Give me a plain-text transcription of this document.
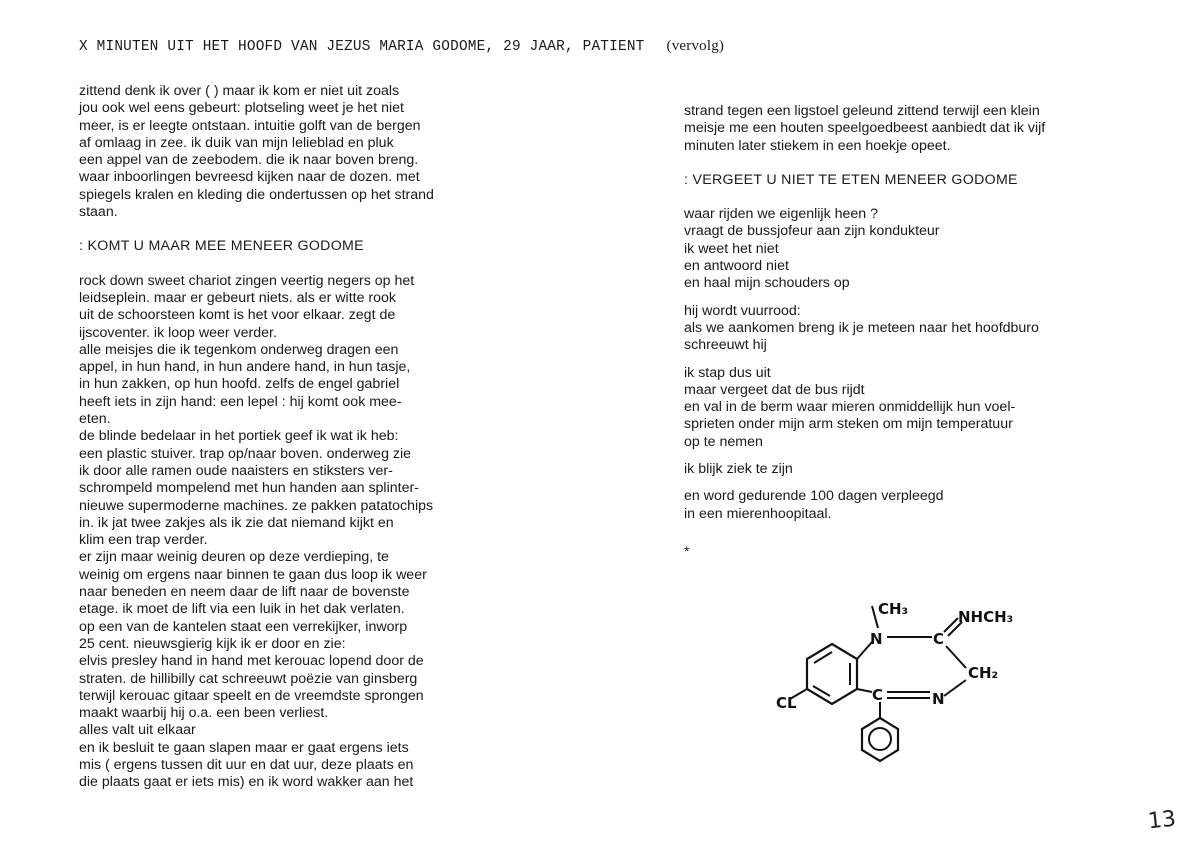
X MINUTEN UIT HET HOOFD VAN JEZUS MARIA GODOME, 29 JAAR, PATIENT (vervolg)
zittend denk ik over ( ) maar ik kom er niet uit zoals
jou ook wel eens gebeurt: plotseling weet je het niet
meer, is er leegte ontstaan. intuitie golft van de bergen
af omlaag in zee. ik duik van mijn lelieblad en pluk
een appel van de zeebodem. die ik naar boven breng.
waar inboorlingen bevreesd kijken naar de dozen. met
spiegels kralen en kleding die ondertussen op het strand
staan.
: KOMT U MAAR MEE MENEER GODOME
rock down sweet chariot zingen veertig negers op het
leidseplein. maar er gebeurt niets. als er witte rook
uit de schoorsteen komt is het voor elkaar. zegt de
ijscoventer. ik loop weer verder.
alle meisjes die ik tegenkom onderweg dragen een
appel, in hun hand, in hun andere hand, in hun tasje,
in hun zakken, op hun hoofd. zelfs de engel gabriel
heeft iets in zijn hand: een lepel : hij komt ook mee-
eten.
de blinde bedelaar in het portiek geef ik wat ik heb:
een plastic stuiver. trap op/naar boven. onderweg zie
ik door alle ramen oude naaisters en stiksters ver-
schrompeld mompelend met hun handen aan splinter-
nieuwe supermoderne machines. ze pakken patatochips
in. ik jat twee zakjes als ik zie dat niemand kijkt en
klim een trap verder.
er zijn maar weinig deuren op deze verdieping, te
weinig om ergens naar binnen te gaan dus loop ik weer
naar beneden en neem daar de lift naar de bovenste
etage. ik moet de lift via een luik in het dak verlaten.
op een van de kantelen staat een verrekijker, inworp
25 cent. nieuwsgierig kijk ik er door en zie:
elvis presley hand in hand met kerouac lopend door de
straten. de hillibilly cat schreeuwt poëzie van ginsberg
terwijl kerouac gitaar speelt en de vreemdste sprongen
maakt waarbij hij o.a. een been verliest.
alles valt uit elkaar
en ik besluit te gaan slapen maar er gaat ergens iets
mis ( ergens tussen dit uur en dat uur, deze plaats en
die plaats gaat er iets mis) en ik word wakker aan het
strand tegen een ligstoel geleund zittend terwijl een klein
meisje me een houten speelgoedbeest aanbiedt dat ik vijf
minuten later stiekem in een hoekje opeet.
: VERGEET U NIET TE ETEN MENEER GODOME
waar rijden we eigenlijk heen ?
vraagt de bussjofeur aan zijn kondukteur
ik weet het niet
en antwoord niet
en haal mijn schouders op
hij wordt vuurrood:
als we aankomen breng ik je meteen naar het hoofdburo
schreeuwt hij
ik stap dus uit
maar vergeet dat de bus rijdt
en val in de berm waar mieren onmiddellijk hun voel-
sprieten onder mijn arm steken om mijn temperatuur
op te nemen
ik blijk ziek te zijn
en word gedurende 100 dagen verpleegd
in een mierenhoopitaal.
*
CL
N
CH₃
C
NHCH₃
CH₂
N
C
13
